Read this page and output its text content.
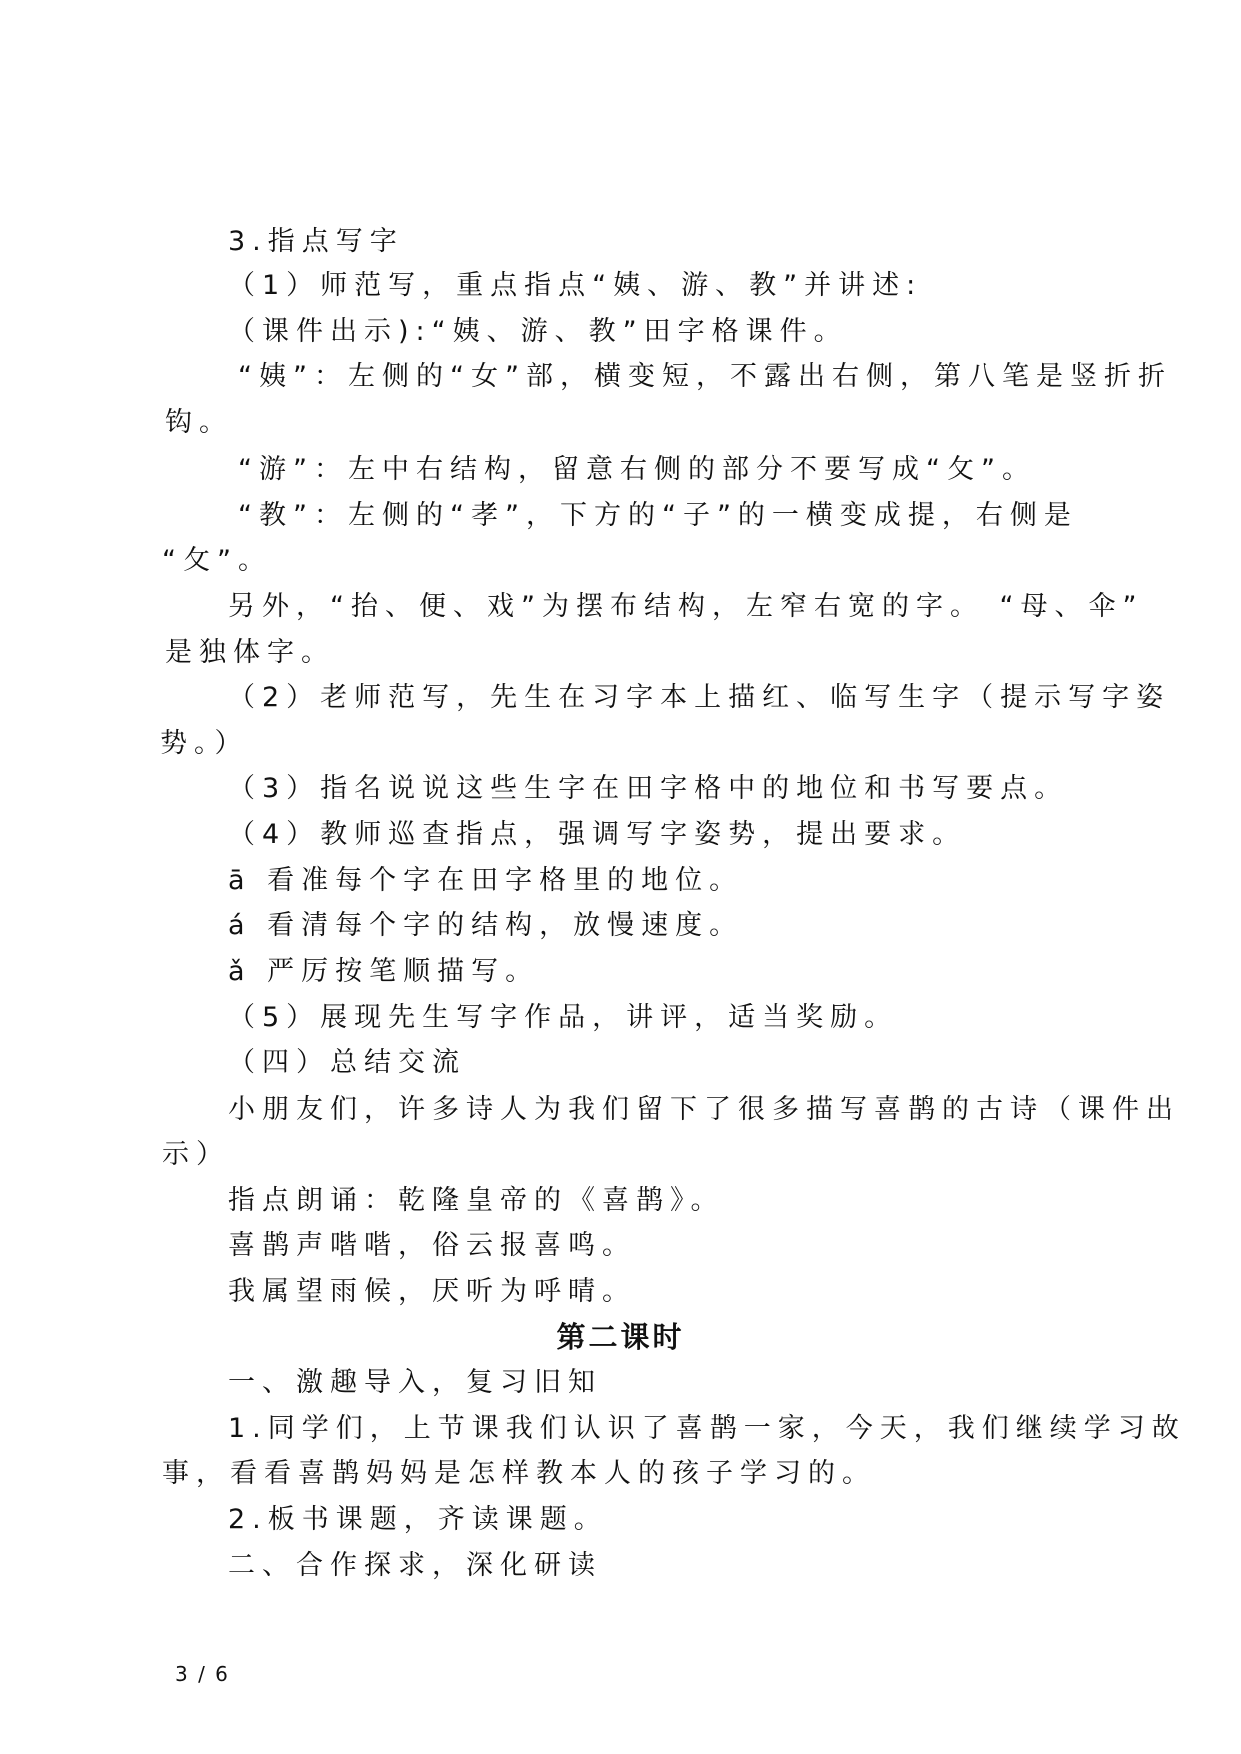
3.指点写字

（1）师范写，重点指点“姨、游、教”并讲述:

（课件出示):“姨、游、教”田字格课件。

“姨”：左侧的“女”部，横变短，不露出右侧，第八笔是竖折折

钩。

“游”：左中右结构，留意右侧的部分不要写成“攵”。

“教”：左侧的“孝”，下方的“子”的一横变成提，右侧是

“攵”。

另外，“抬、便、戏”为摆布结构，左窄右宽的字。 “母、伞”

是独体字。

（2）老师范写，先生在习字本上描红、临写生字（提示写字姿

势。）

（3）指名说说这些生字在田字格中的地位和书写要点。

（4）教师巡查指点，强调写字姿势，提出要求。

ā 看准每个字在田字格里的地位。

á 看清每个字的结构，放慢速度。

ǎ 严厉按笔顺描写。

（5）展现先生写字作品，讲评，适当奖励。

（四）总结交流

小朋友们，许多诗人为我们留下了很多描写喜鹊的古诗（课件出

示）

指点朗诵：乾隆皇帝的《喜鹊》。

喜鹊声喈喈，俗云报喜鸣。

我属望雨候，厌听为呼晴。

第二课时

一、激趣导入，复习旧知

1.同学们，上节课我们认识了喜鹊一家，今天，我们继续学习故

事，看看喜鹊妈妈是怎样教本人的孩子学习的。

2.板书课题，齐读课题。

二、合作探求，深化研读

3 / 6
